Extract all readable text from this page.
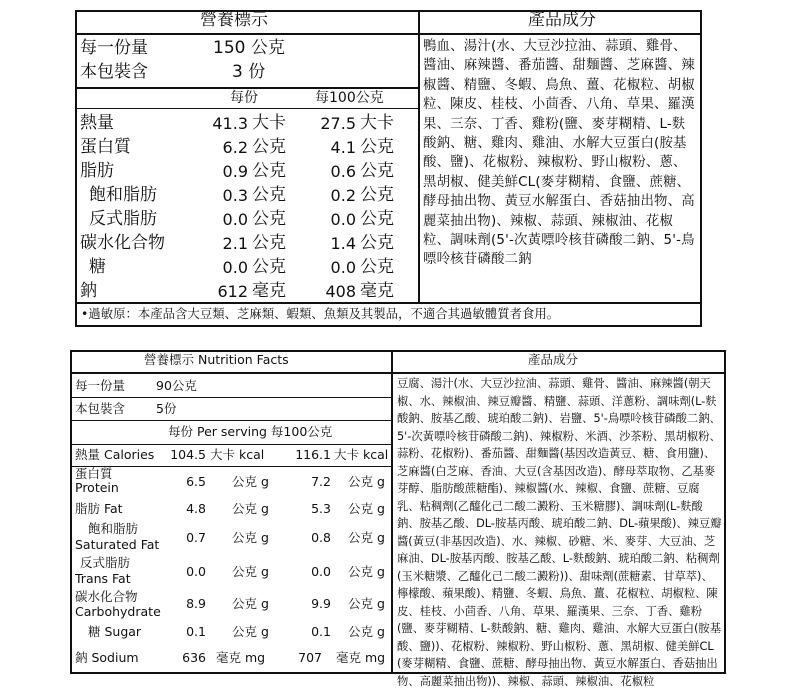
營養標示	產品成分
每一份量	150 公克
本包裝含	3 份
每份	每100公克
熱量	41.3 大卡	27.5 大卡
蛋白質	6.2 公克	4.1 公克
脂肪	0.9 公克	0.6 公克
飽和脂肪	0.3 公克	0.2 公克
反式脂肪	0.0 公克	0.0 公克
碳水化合物	2.1 公克	1.4 公克
糖	0.0 公克	0.0 公克
鈉	612 毫克	408 毫克

鴨血、湯汁(水、大豆沙拉油、蒜頭、雞骨、醬油、麻辣醬、番茄醬、甜麵醬、芝麻醬、辣椒醬、精鹽、冬蝦、鳥魚、薑、花椒粒、胡椒粒、陳皮、桂枝、小茴香、八角、草果、羅漢果、三奈、丁香、雞粉(鹽、麥芽糊精、L-麩酸鈉、糖、雞肉、雞油、水解大豆蛋白(胺基酸、鹽)、花椒粉、辣椒粉、野山椒粉、蔥、黑胡椒、健美鮮CL(麥芽糊精、食鹽、蔗糖、酵母抽出物、黃豆水解蛋白、香菇抽出物、高麗菜抽出物)、辣椒、蒜頭、辣椒油、花椒粒、調味劑(5'-次黃嘌呤核苷磷酸二鈉、5'-鳥嘌呤核苷磷酸二鈉

•過敏原：本產品含大豆類、芝麻類、蝦類、魚類及其製品，不適合其過敏體質者食用。
營養標示 Nutrition Facts	產品成分
每一份量 90公克
本包裝含 5份
每份 Per serving 每100公克
熱量 Calories	104.5 大卡 kcal	116.1 大卡 kcal
蛋白質
Protein	6.5 公克 g	7.2 公克 g
脂肪 Fat	4.8 公克 g	5.3 公克 g
飽和脂肪
Saturated Fat	0.7 公克 g	0.8 公克 g
反式脂肪
Trans Fat	0.0 公克 g	0.0 公克 g
碳水化合物
Carbohydrate
8.9 公克 g	9.9 公克 g
糖 Sugar	0.1 公克 g	0.1 公克 g
鈉 Sodium	636 毫克 mg	707 毫克 mg

豆腐、湯汁(水、大豆沙拉油、蒜頭、雞骨、醬油、麻辣醬(朝天椒、水、辣椒油、辣豆瓣醬、精鹽、蒜頭、洋蔥粉、調味劑(L-麩酸鈉、胺基乙酸、琥珀酸二鈉)、岩鹽、5'-鳥嘌呤核苷磷酸二鈉、5'-次黃嘌呤核苷磷酸二鈉)、辣椒粉、米酒、沙茶粉、黑胡椒粉、蒜粉、花椒粉)、番茄醬、甜麵醬(基因改造黃豆、糖、食用鹽)、芝麻醬(白芝麻、香油、大豆(含基因改造)、酵母萃取物、乙基麥芽醇、脂肪酸蔗糖酯)、辣椒醬(水、辣椒、食鹽、蔗糖、豆腐乳、粘稠劑(乙醯化己二酸二澱粉、玉米糖膠)、調味劑(L-麩酸鈉、胺基乙酸、DL-胺基丙酸、琥珀酸二鈉、DL-蘋果酸)、辣豆瓣醬(黃豆(非基因改造)、水、辣椒、砂糖、米、麥芽、大豆油、芝麻油、DL-胺基丙酸、胺基乙酸、L-麩酸鈉、琥珀酸二鈉、粘稠劑(玉米糖漿、乙醯化己二酸二澱粉))、甜味劑(蔗糖素、甘草萃)、檸檬酸、蘋果酸)、精鹽、冬蝦、鳥魚、薑、花椒粒、胡椒粒、陳皮、桂枝、小茴香、八角、草果、羅漢果、三奈、丁香、雞粉(鹽、麥芽糊精、L-麩酸鈉、糖、雞肉、雞油、水解大豆蛋白(胺基酸、鹽))、花椒粉、辣椒粉、野山椒粉、蔥、黑胡椒、健美鮮CL(麥芽糊精、食鹽、蔗糖、酵母抽出物、黃豆水解蛋白、香菇抽出物、高麗菜抽出物))、辣椒、蒜頭、辣椒油、花椒粒
